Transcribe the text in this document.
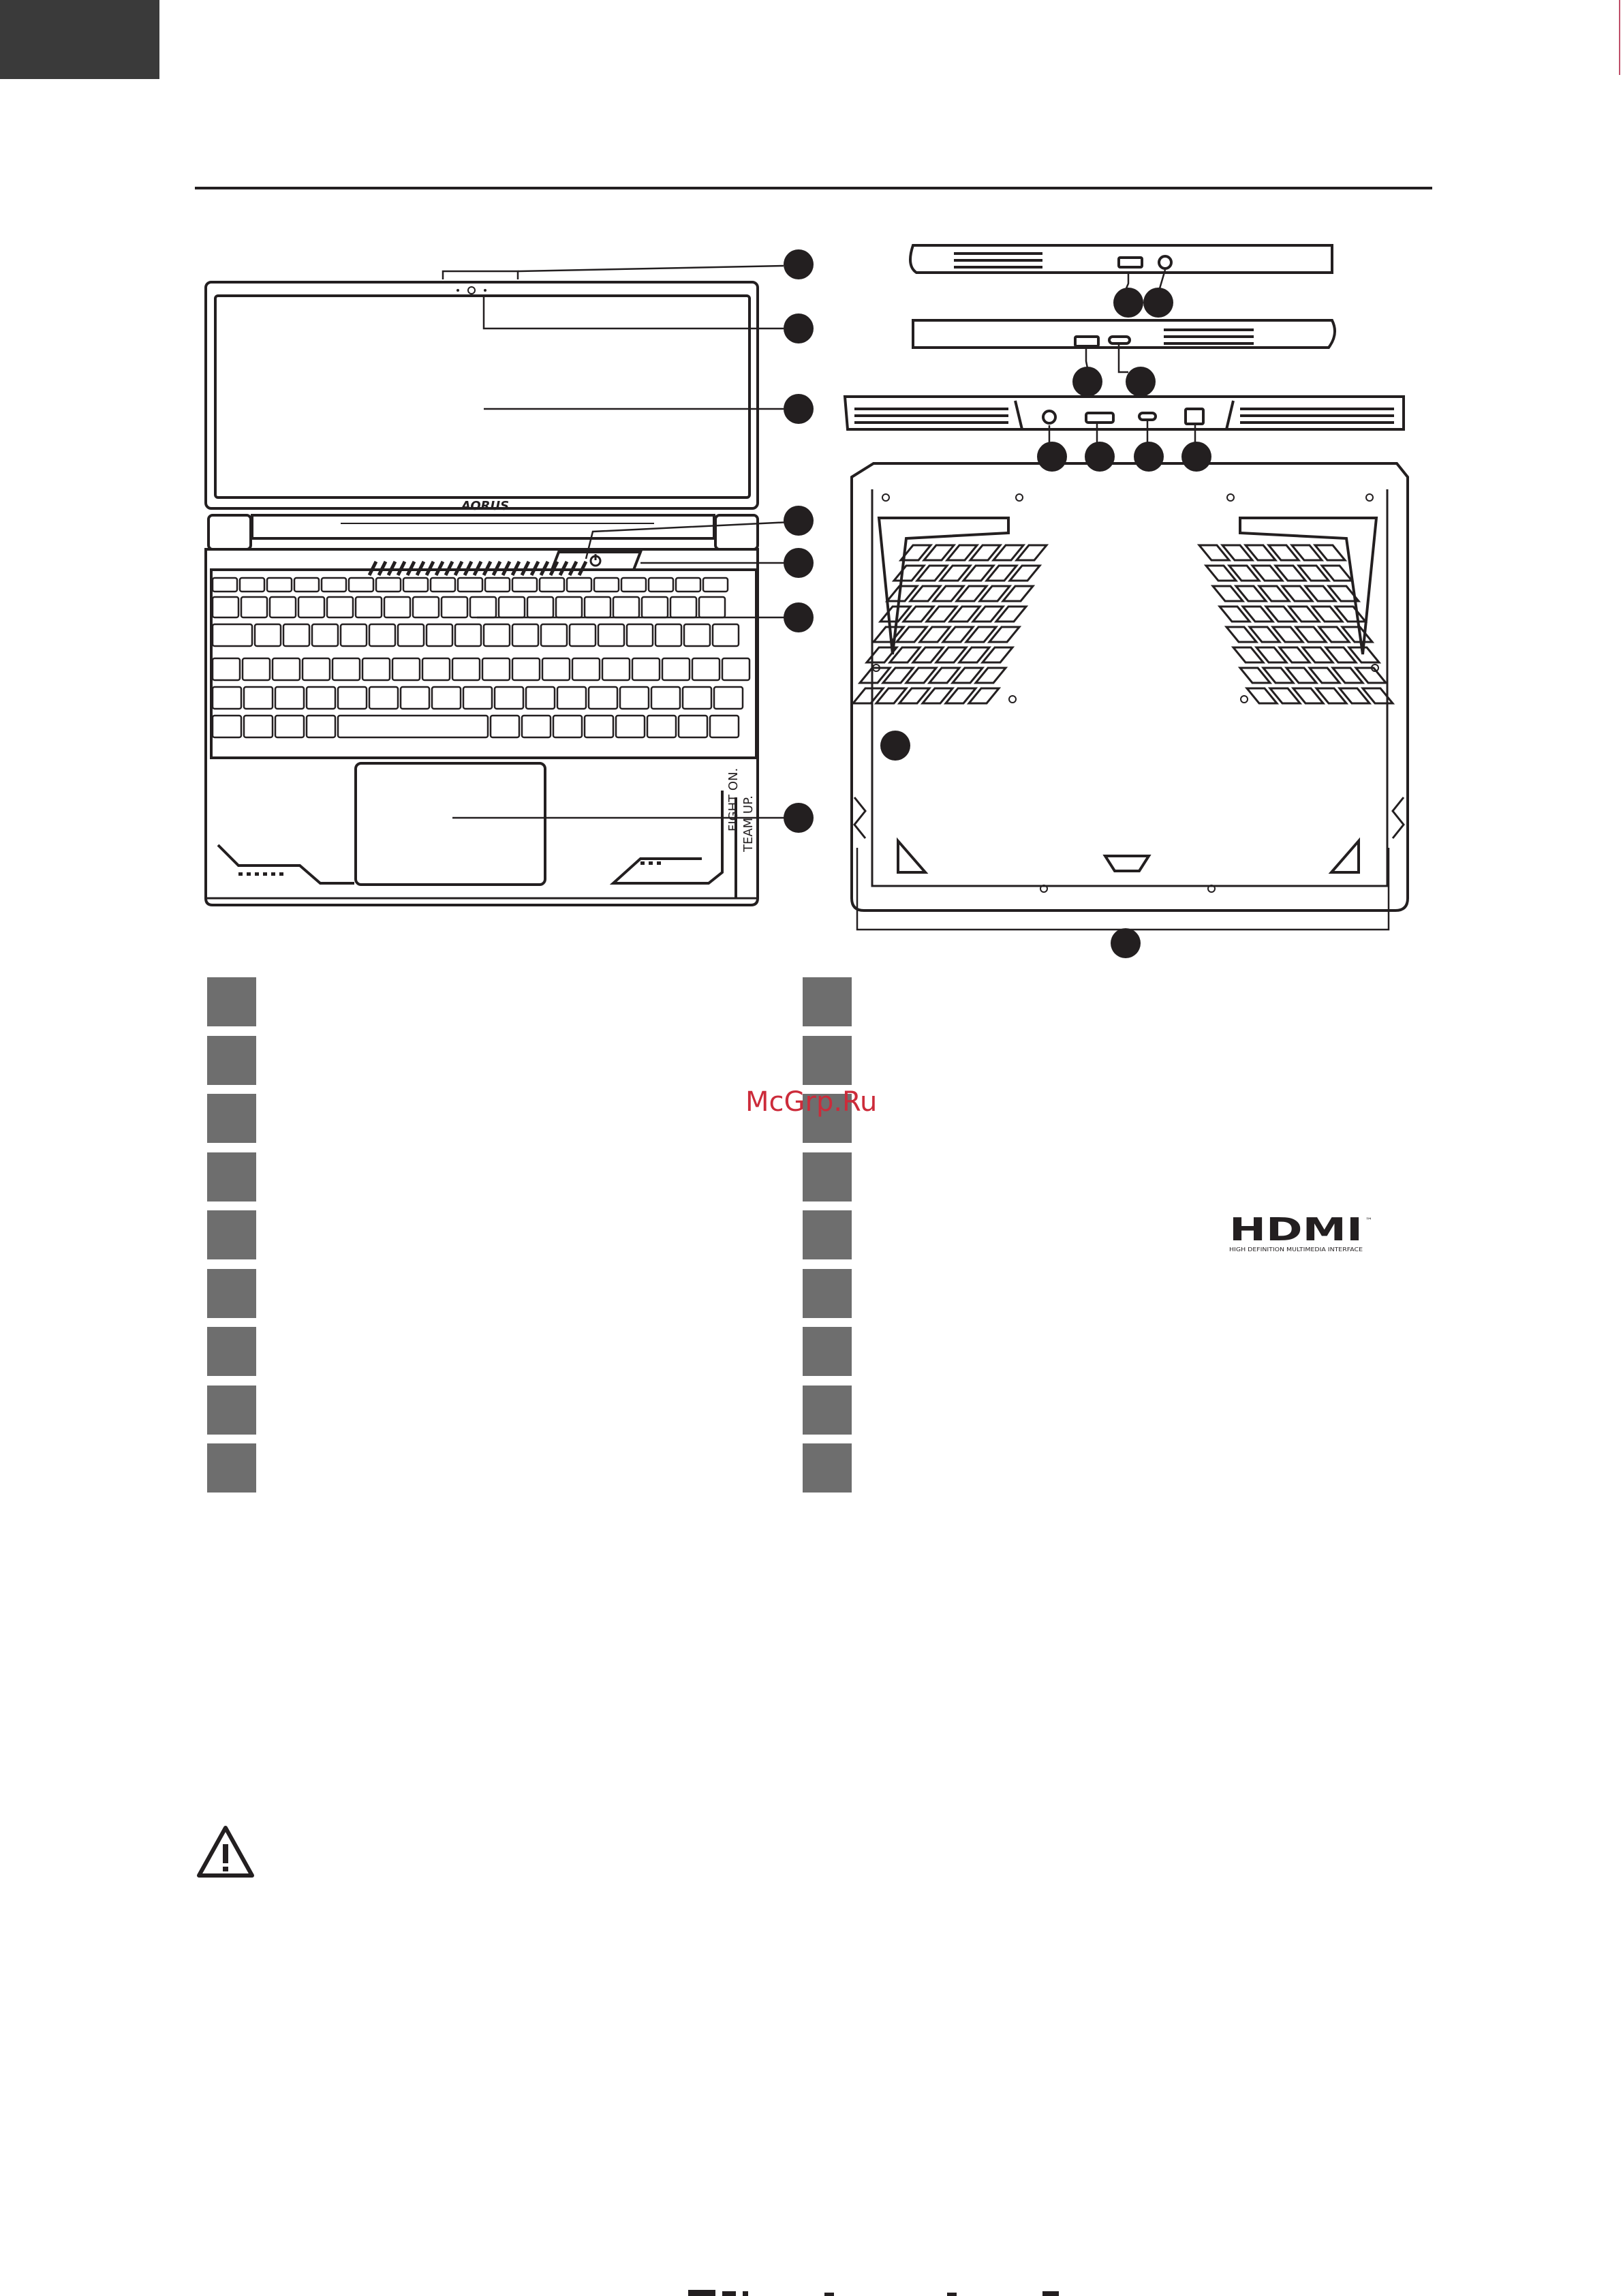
AORUS
TEAM UP.
FIGHT ON.
McGrp.Ru
HDMI ™
HIGH DEFINITION MULTIMEDIA INTERFACE
